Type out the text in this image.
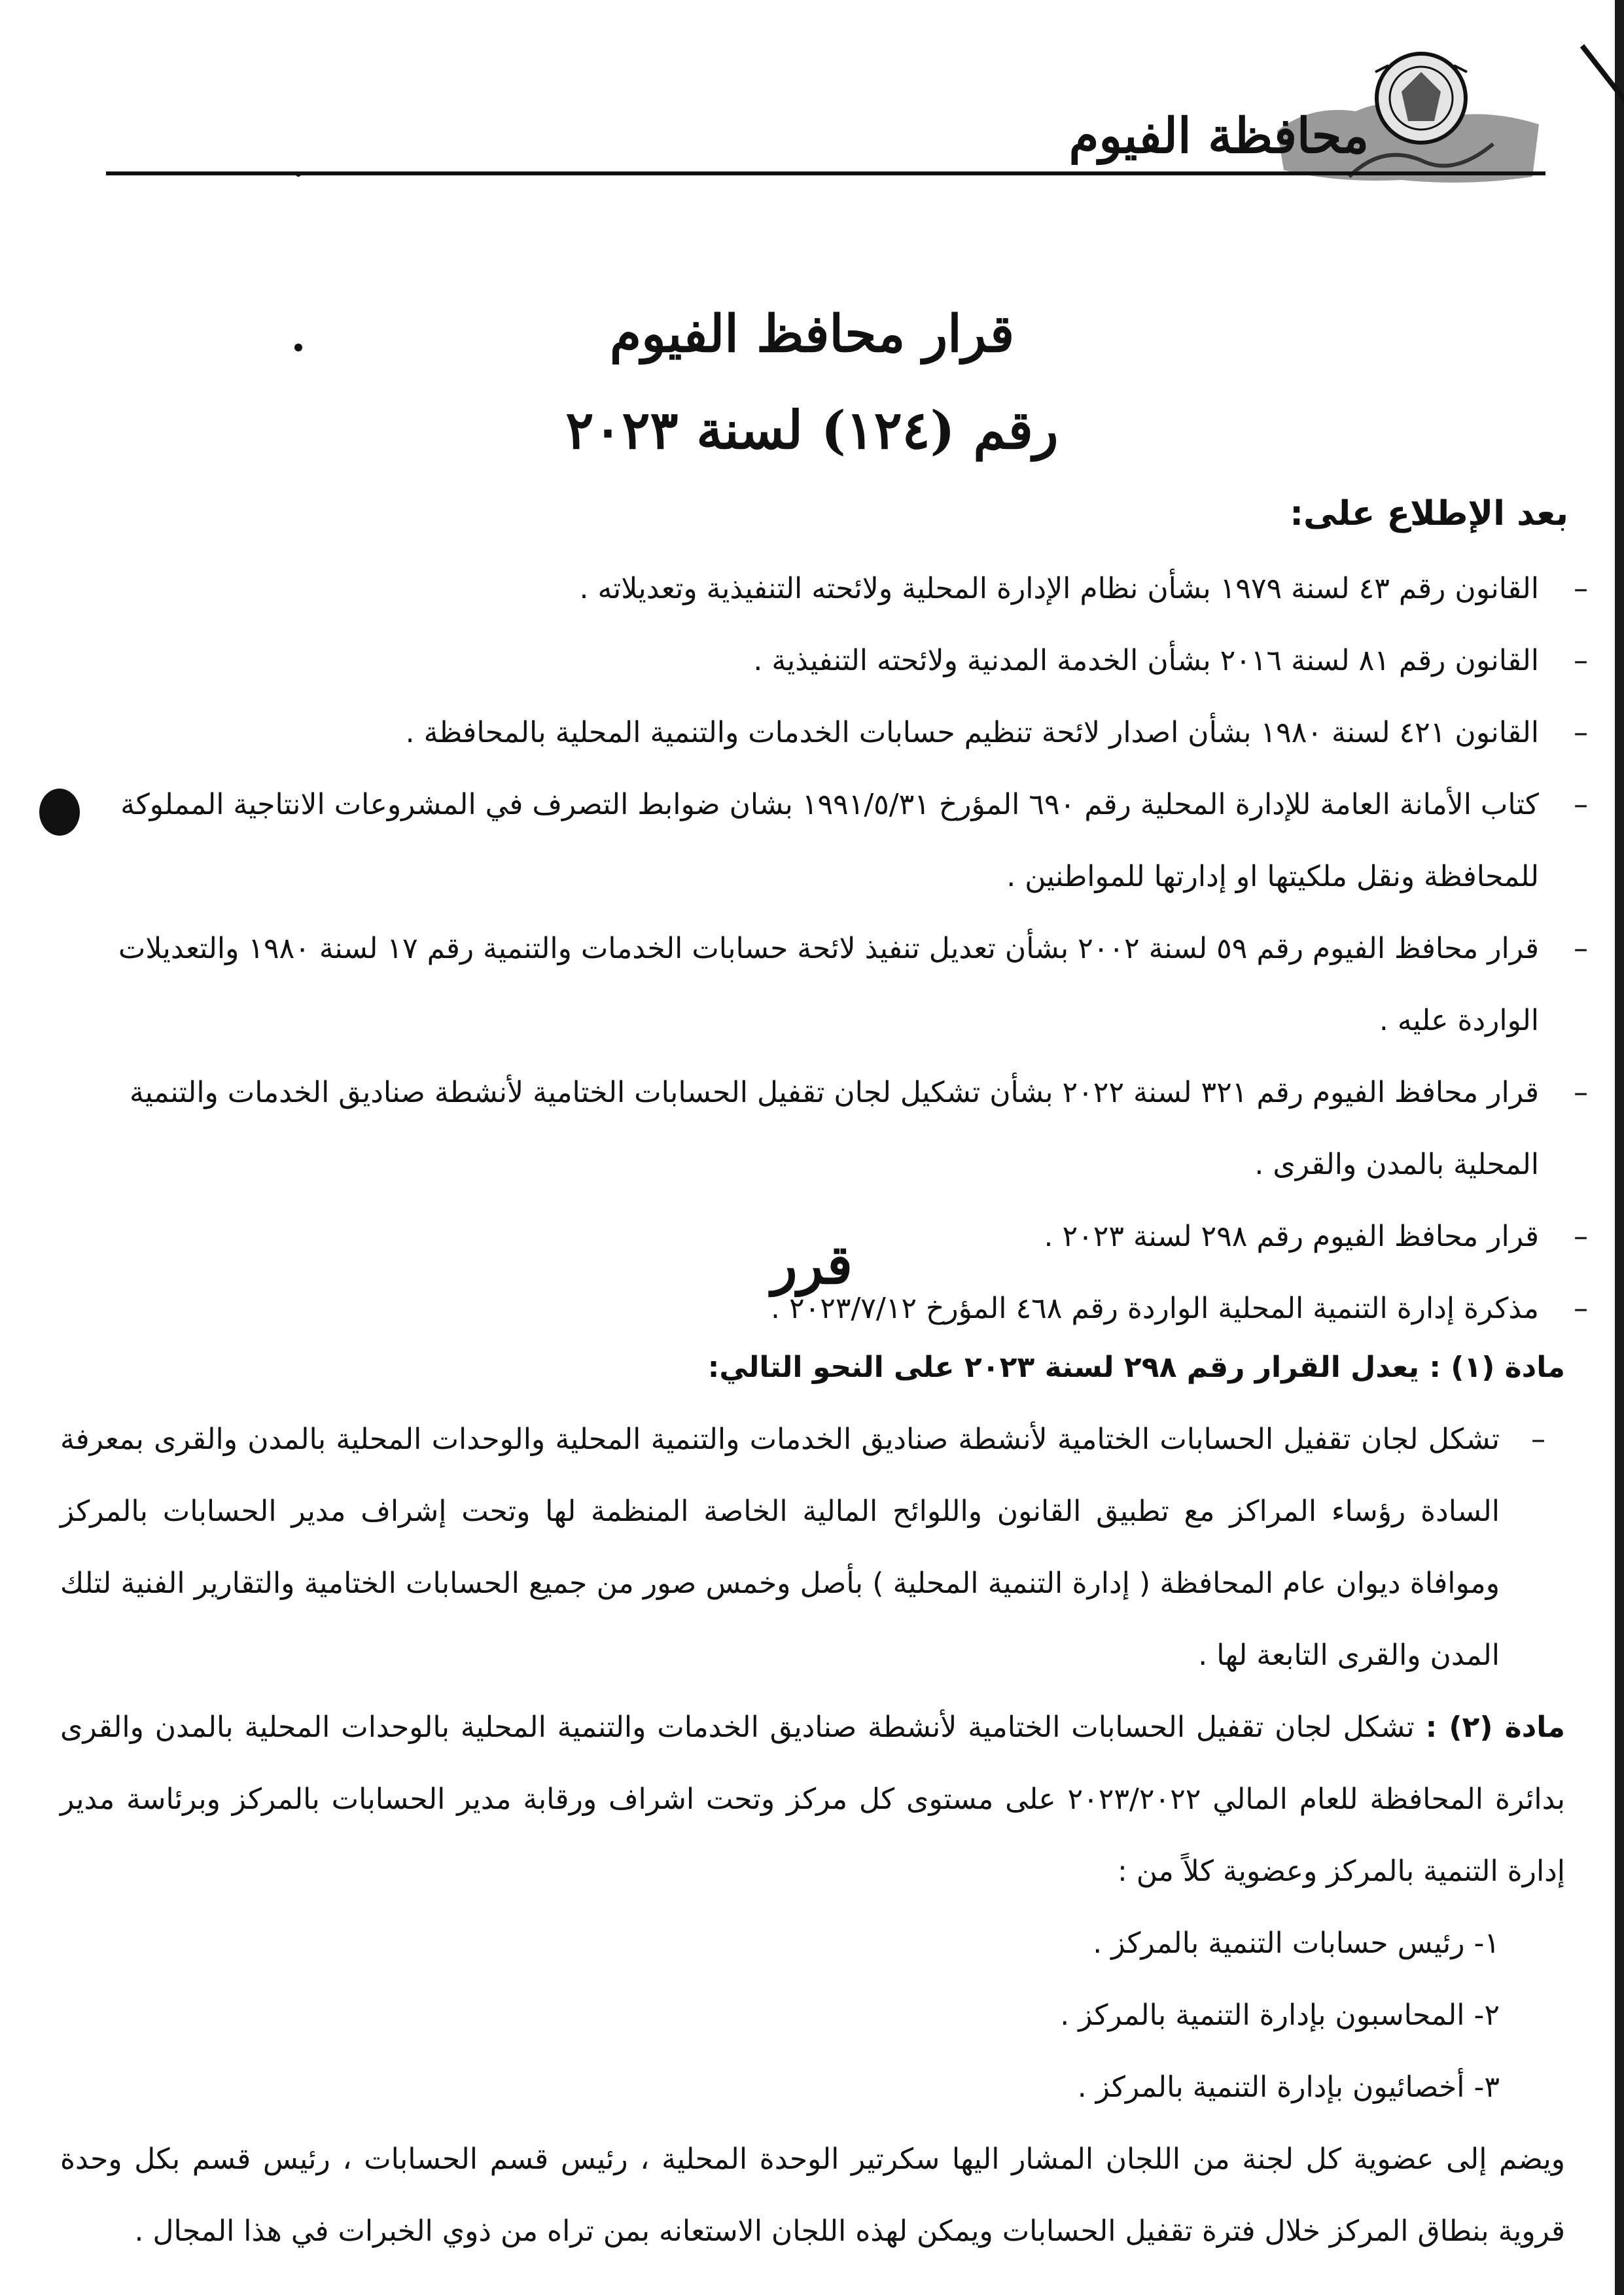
محافظة الفيوم
قرار محافظ الفيوم
رقم (١٢٤) لسنة ٢٠٢٣
بعد الإطلاع على:
–
القانون رقم ٤٣ لسنة ١٩٧٩ بشأن نظام الإدارة المحلية ولائحته التنفيذية وتعديلاته .
–
القانون رقم ٨١ لسنة ٢٠١٦ بشأن الخدمة المدنية ولائحته التنفيذية .
–
القانون ٤٢١ لسنة ١٩٨٠ بشأن اصدار لائحة تنظيم حسابات الخدمات والتنمية المحلية بالمحافظة .
–
كتاب الأمانة العامة للإدارة المحلية رقم ٦٩٠ المؤرخ ١٩٩١/٥/٣١ بشان ضوابط التصرف في المشروعات الانتاجية المملوكة للمحافظة ونقل ملكيتها او إدارتها للمواطنين .
–
قرار محافظ الفيوم رقم ٥٩ لسنة ٢٠٠٢ بشأن تعديل تنفيذ لائحة حسابات الخدمات والتنمية رقم ١٧ لسنة ١٩٨٠ والتعديلات الواردة عليه .
–
قرار محافظ الفيوم رقم ٣٢١ لسنة ٢٠٢٢ بشأن تشكيل لجان تقفيل الحسابات الختامية لأنشطة صناديق الخدمات والتنمية المحلية بالمدن والقرى .
–
قرار محافظ الفيوم رقم ٢٩٨ لسنة ٢٠٢٣ .
–
مذكرة إدارة التنمية المحلية الواردة رقم ٤٦٨ المؤرخ ٢٠٢٣/٧/١٢ .
قرر
مادة (١) : يعدل القرار رقم ٢٩٨ لسنة ٢٠٢٣ على النحو التالي:
–

تشكل لجان تقفيل الحسابات الختامية لأنشطة صناديق الخدمات والتنمية المحلية والوحدات المحلية بالمدن والقرى بمعرفة السادة رؤساء المراكز مع تطبيق القانون واللوائح المالية الخاصة المنظمة لها وتحت إشراف مدير الحسابات بالمركز وموافاة ديوان عام المحافظة ( إدارة التنمية المحلية ) بأصل وخمس صور من جميع الحسابات الختامية والتقارير الفنية لتلك المدن والقرى التابعة لها .

مادة (٢) : تشكل لجان تقفيل الحسابات الختامية لأنشطة صناديق الخدمات والتنمية المحلية بالوحدات المحلية بالمدن والقرى بدائرة المحافظة للعام المالي ٢٠٢٣/٢٠٢٢ على مستوى كل مركز وتحت اشراف ورقابة مدير الحسابات بالمركز وبرئاسة مدير إدارة التنمية بالمركز وعضوية كلاً من :

١- رئيس حسابات التنمية بالمركز .
٢- المحاسبون بإدارة التنمية بالمركز .
٣- أخصائيون بإدارة التنمية بالمركز .

ويضم إلى عضوية كل لجنة من اللجان المشار اليها سكرتير الوحدة المحلية ، رئيس قسم الحسابات ، رئيس قسم بكل وحدة قروية بنطاق المركز خلال فترة تقفيل الحسابات ويمكن لهذه اللجان الاستعانه بمن تراه من ذوي الخبرات في هذا المجال .
